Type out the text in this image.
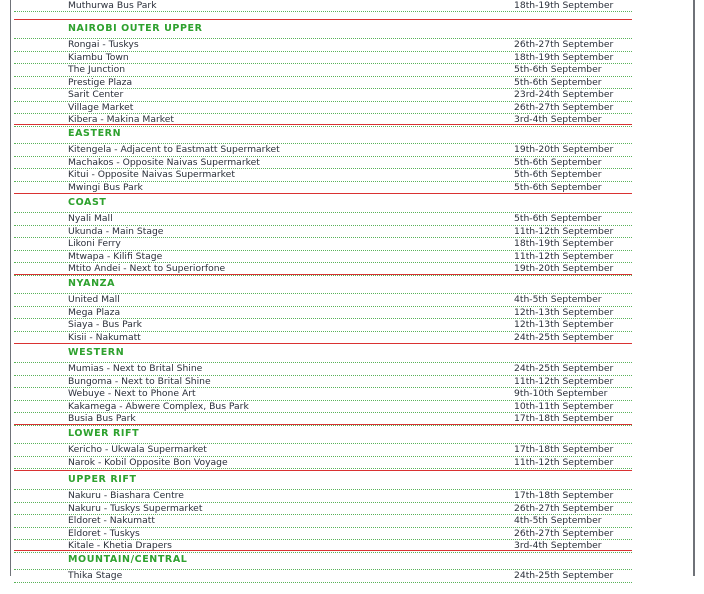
Muthurwa Bus Park	18th-19th September
NAIROBI OUTER UPPER
Rongai - Tuskys	26th-27th September
Kiambu Town	18th-19th September
The Junction	5th-6th September
Prestige Plaza	5th-6th September
Sarit Center	23rd-24th September
Village Market	26th-27th September
Kibera - Makina Market	3rd-4th September
EASTERN
Kitengela - Adjacent to Eastmatt Supermarket	19th-20th September
Machakos - Opposite Naivas Supermarket	5th-6th September
Kitui - Opposite Naivas Supermarket	5th-6th September
Mwingi Bus Park	5th-6th September
COAST
Nyali Mall	5th-6th September
Ukunda - Main Stage	11th-12th September
Likoni Ferry	18th-19th September
Mtwapa - Kilifi Stage	11th-12th September
Mtito Andei - Next to Superiorfone	19th-20th September
NYANZA
United Mall	4th-5th September
Mega Plaza	12th-13th September
Siaya - Bus Park	12th-13th September
Kisii - Nakumatt	24th-25th September
WESTERN
Mumias - Next to Brital Shine	24th-25th September
Bungoma - Next to Brital Shine	11th-12th September
Webuye - Next to Phone Art	9th-10th September
Kakamega - Abwere Complex, Bus Park	10th-11th September
Busia Bus Park	17th-18th September
LOWER RIFT
Kericho - Ukwala Supermarket	17th-18th September
Narok - Kobil Opposite Bon Voyage	11th-12th September
UPPER RIFT
Nakuru - Biashara Centre	17th-18th September
Nakuru - Tuskys Supermarket	26th-27th September
Eldoret - Nakumatt	4th-5th September
Eldoret - Tuskys	26th-27th September
Kitale - Khetia Drapers	3rd-4th September
MOUNTAIN/CENTRAL
Thika Stage	24th-25th September
